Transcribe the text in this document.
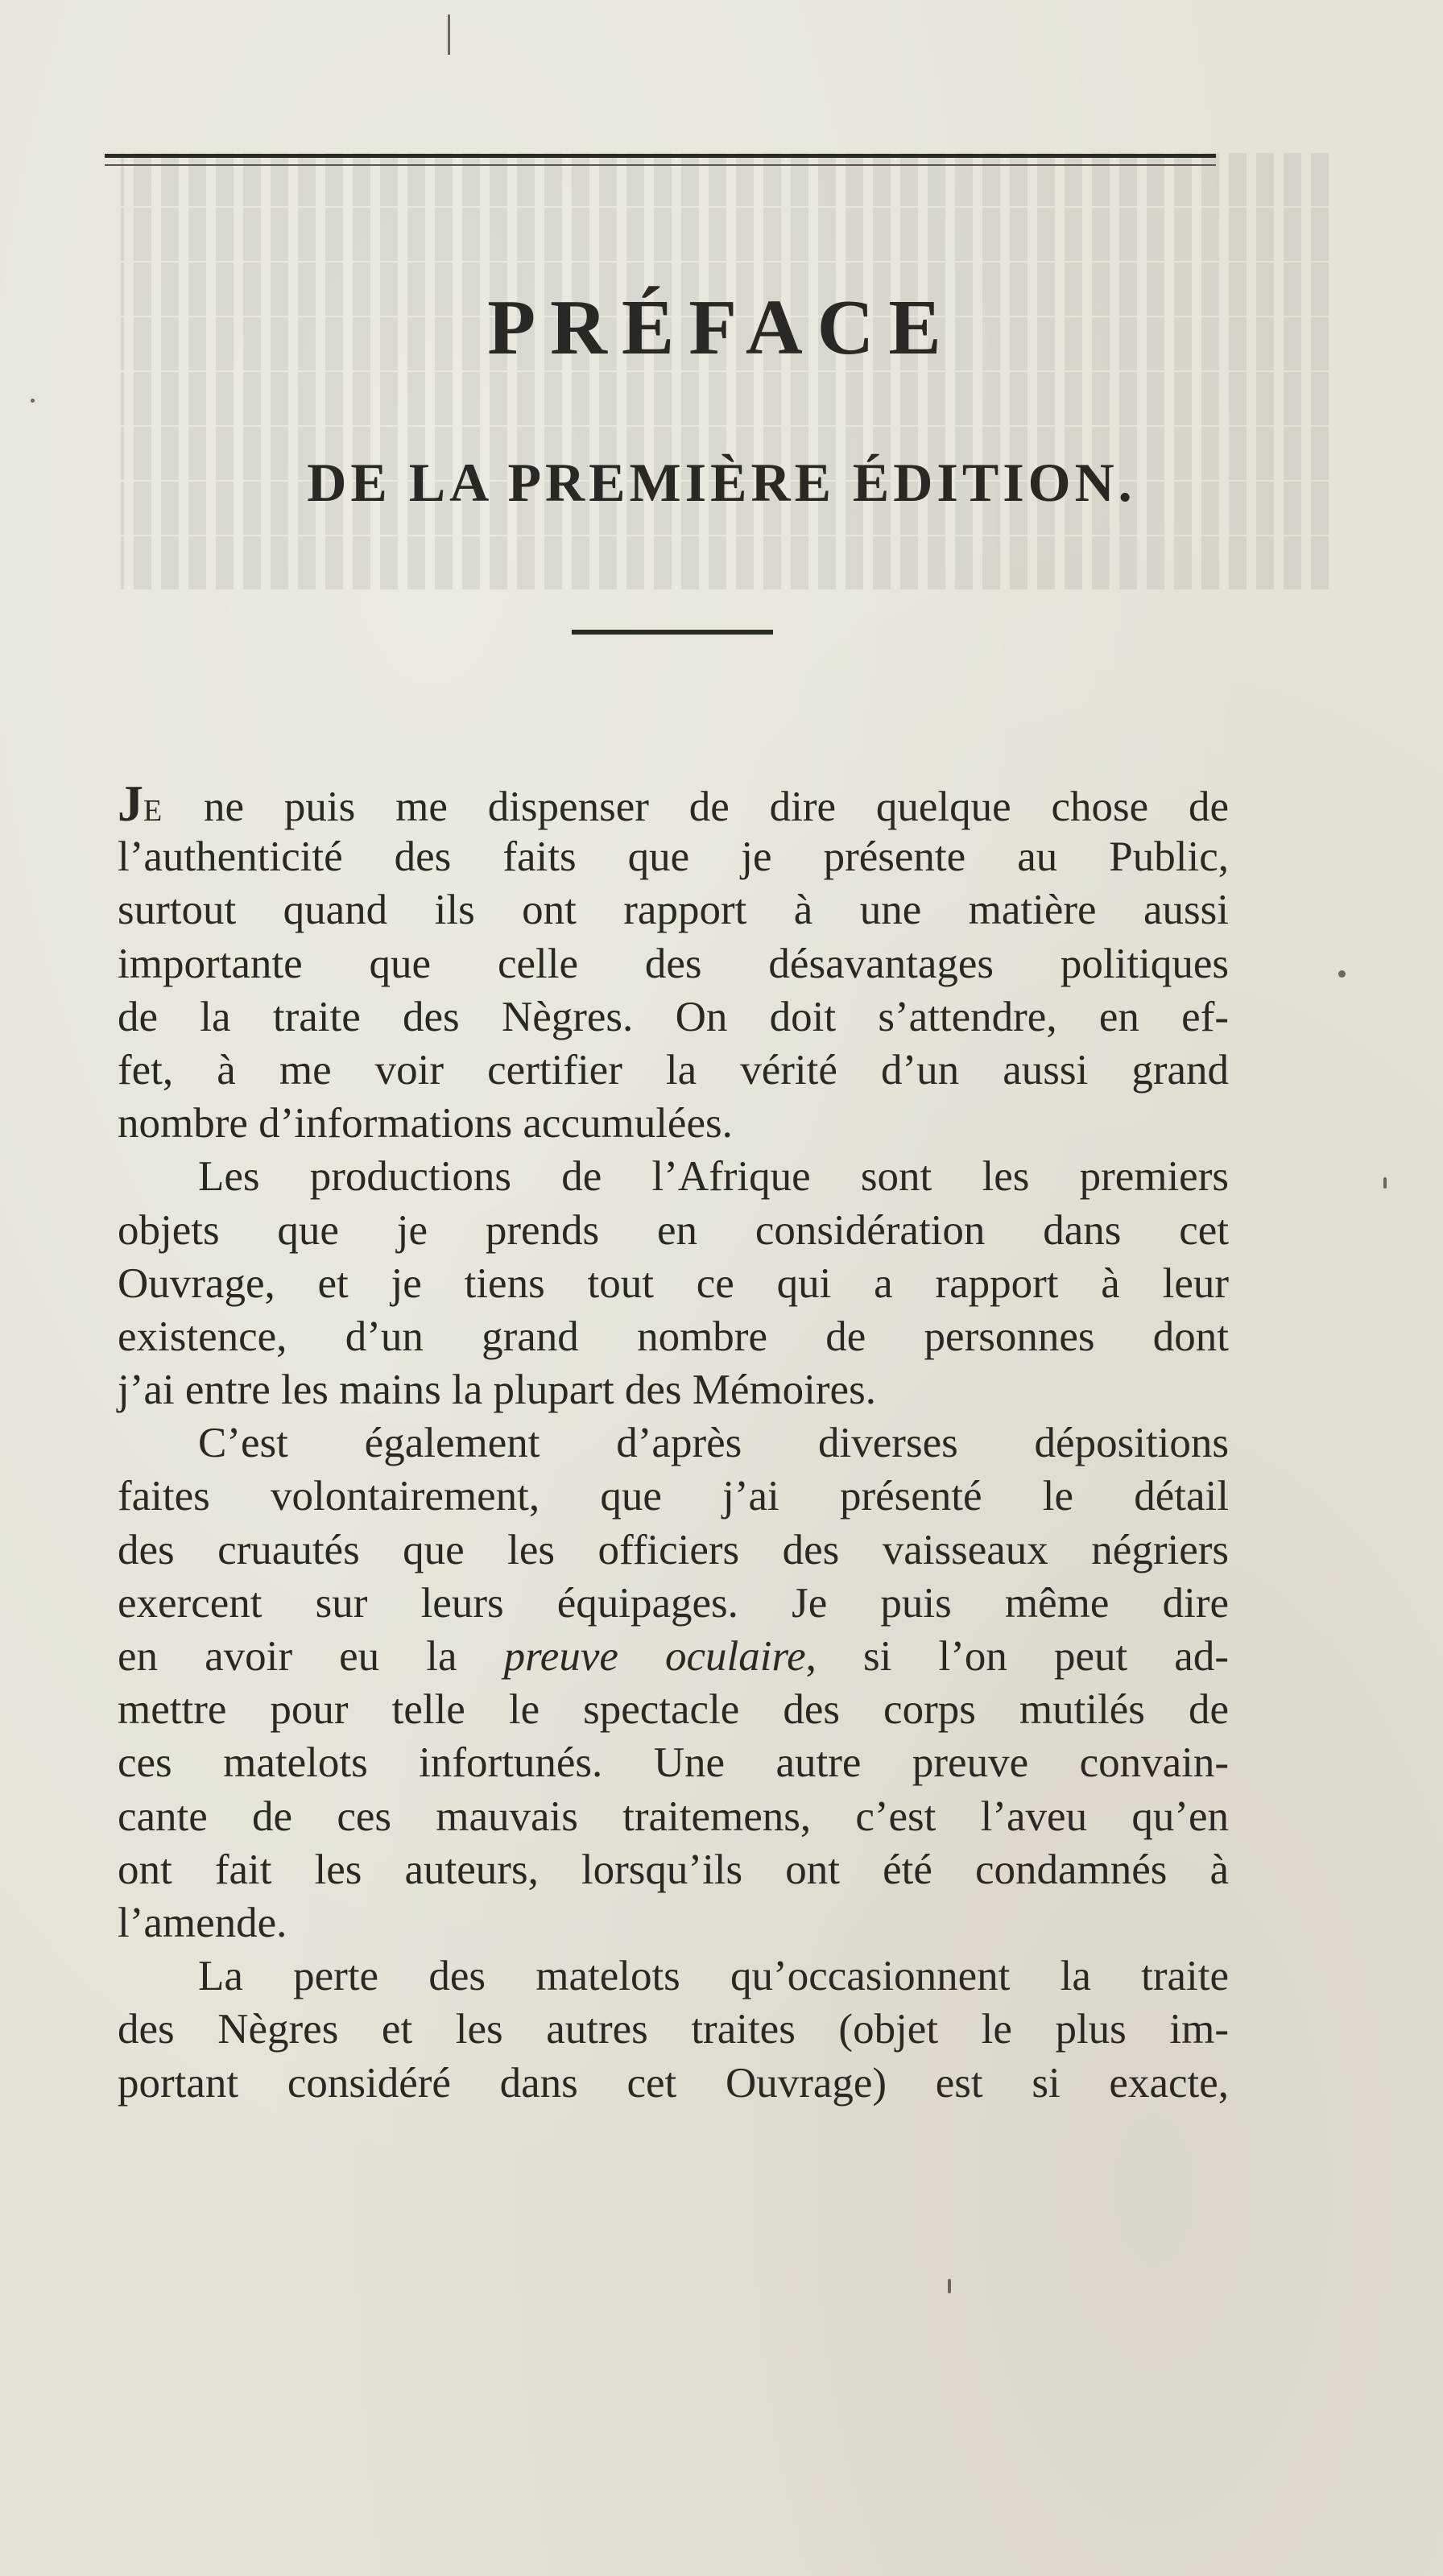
PRÉFACE
DE LA PREMIÈRE ÉDITION.
JE ne puis me dispenser de dire quelque chose de
l’authenticité des faits que je présente au Public,
surtout quand ils ont rapport à une matière aussi
importante que celle des désavantages politiques
de la traite des Nègres. On doit s’attendre, en ef-
fet, à me voir certifier la vérité d’un aussi grand
nombre d’informations accumulées.
Les productions de l’Afrique sont les premiers
objets que je prends en considération dans cet
Ouvrage, et je tiens tout ce qui a rapport à leur
existence, d’un grand nombre de personnes dont
j’ai entre les mains la plupart des Mémoires.
C’est également d’après diverses dépositions
faites volontairement, que j’ai présenté le détail
des cruautés que les officiers des vaisseaux négriers
exercent sur leurs équipages. Je puis même dire
en avoir eu la preuve oculaire, si l’on peut ad-
mettre pour telle le spectacle des corps mutilés de
ces matelots infortunés. Une autre preuve convain-
cante de ces mauvais traitemens, c’est l’aveu qu’en
ont fait les auteurs, lorsqu’ils ont été condamnés à
l’amende.
La perte des matelots qu’occasionnent la traite
des Nègres et les autres traites (objet le plus im-
portant considéré dans cet Ouvrage) est si exacte,
